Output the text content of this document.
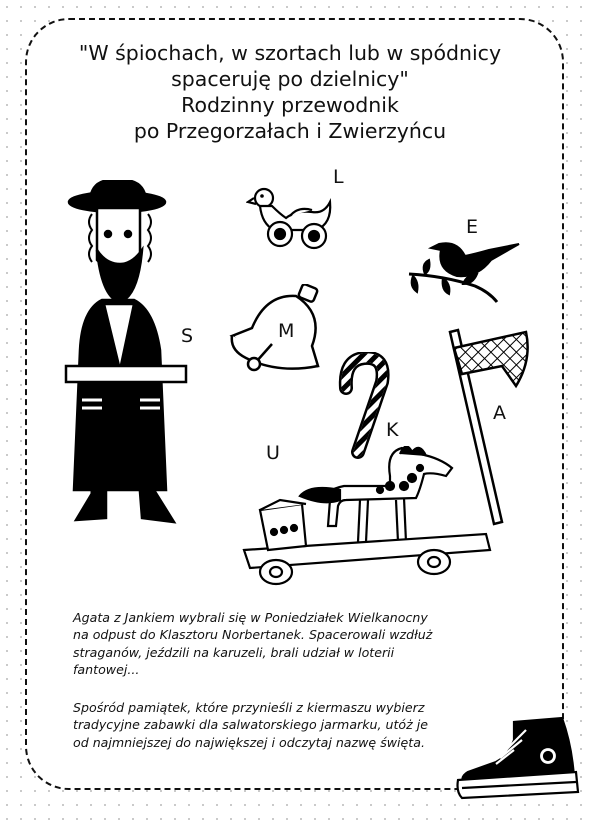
"W śpiochach, w szortach lub w spódnicy
spaceruję po dzielnicy"
Rodzinny przewodnik
po Przegorzałach i Zwierzyńcu
S
L
E
M
K
A
U
Agata z Jankiem wybrali się w Poniedziałek Wielkanocny
na odpust do Klasztoru Norbertanek. Spacerowali wzdłuż
straganów, jeździli na karuzeli, brali udział w loterii
fantowej...
Spośród pamiątek, które przynieśli z kiermaszu wybierz
tradycyjne zabawki dla salwatorskiego jarmarku, utóż je
od najmniejszej do największej i odczytaj nazwę święta.
